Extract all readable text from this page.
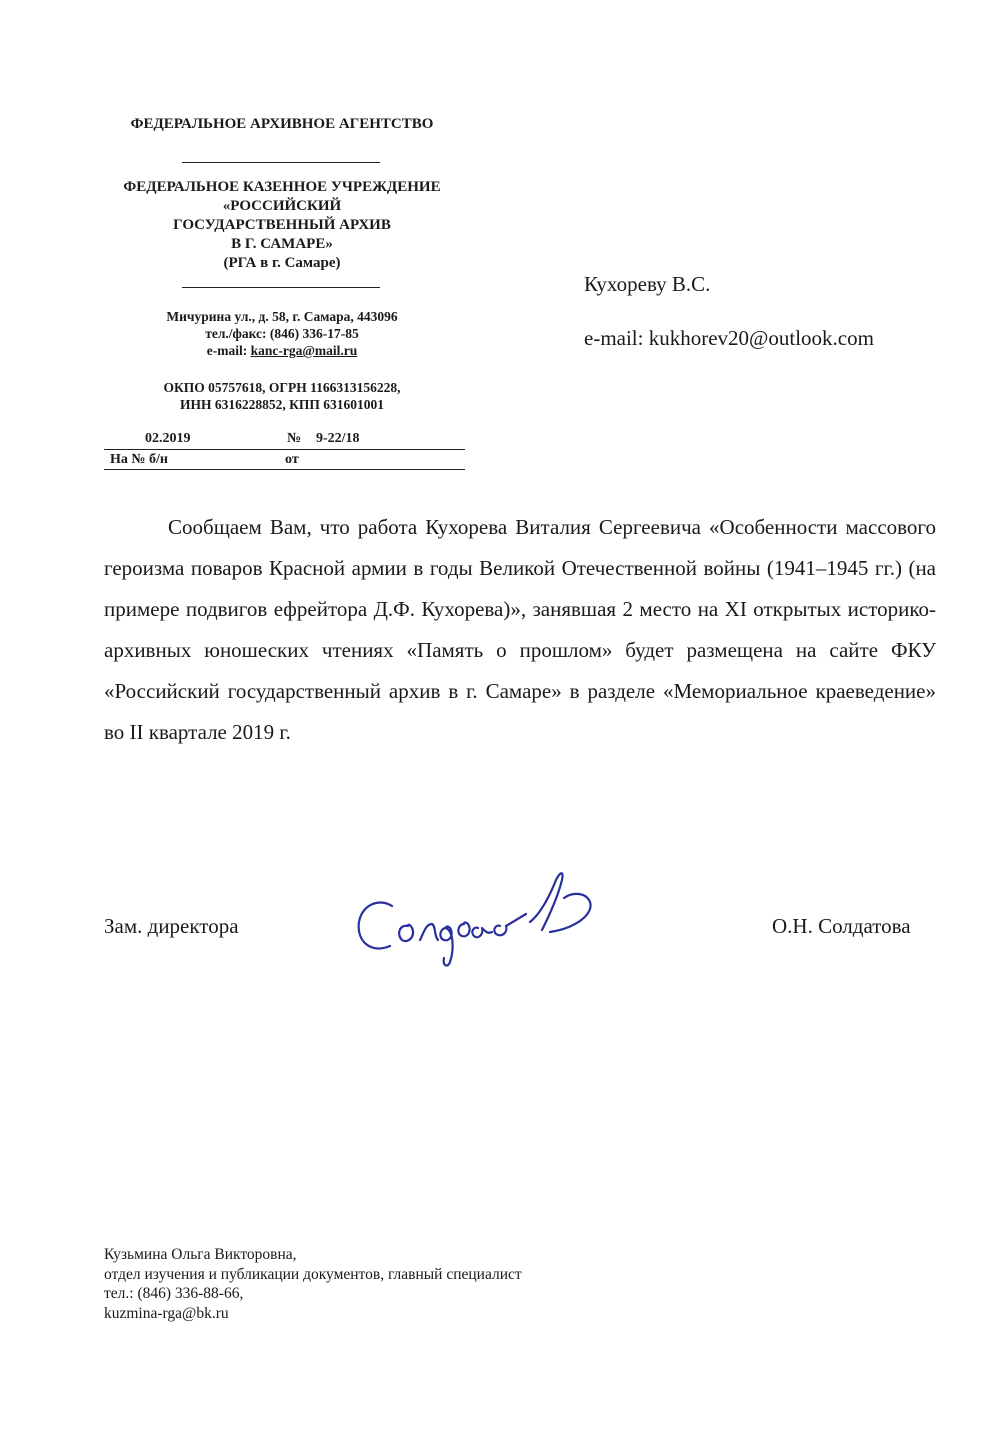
ФЕДЕРАЛЬНОЕ АРХИВНОЕ АГЕНТСТВО
ФЕДЕРАЛЬНОЕ КАЗЕННОЕ УЧРЕЖДЕНИЕ
«РОССИЙСКИЙ
ГОСУДАРСТВЕННЫЙ АРХИВ
В Г. САМАРЕ»
(РГА в г. Самаре)
Мичурина ул., д. 58, г. Самара, 443096
тел./факс: (846) 336-17-85
e-mail: kanc-rga@mail.ru
ОКПО 05757618, ОГРН 1166313156228,
ИНН 6316228852, КПП 631601001
02.2019	№ 9-22/18
На № б/н	от
Кухореву В.С.
e-mail: kukhorev20@outlook.com
Сообщаем Вам, что работа Кухорева Виталия Сергеевича «Особенности массового героизма поваров Красной армии в годы Великой Отечественной войны (1941–1945 гг.) (на примере подвигов ефрейтора Д.Ф. Кухорева)», занявшая 2 место на XI открытых историко-архивных юношеских чтениях «Память о прошлом» будет размещена на сайте ФКУ «Российский государственный архив в г. Самаре» в разделе «Мемориальное краеведение» во II квартале 2019 г.
Зам. директора	О.Н. Солдатова
Кузьмина Ольга Викторовна,
отдел изучения и публикации документов, главный специалист
тел.: (846) 336-88-66,
kuzmina-rga@bk.ru
